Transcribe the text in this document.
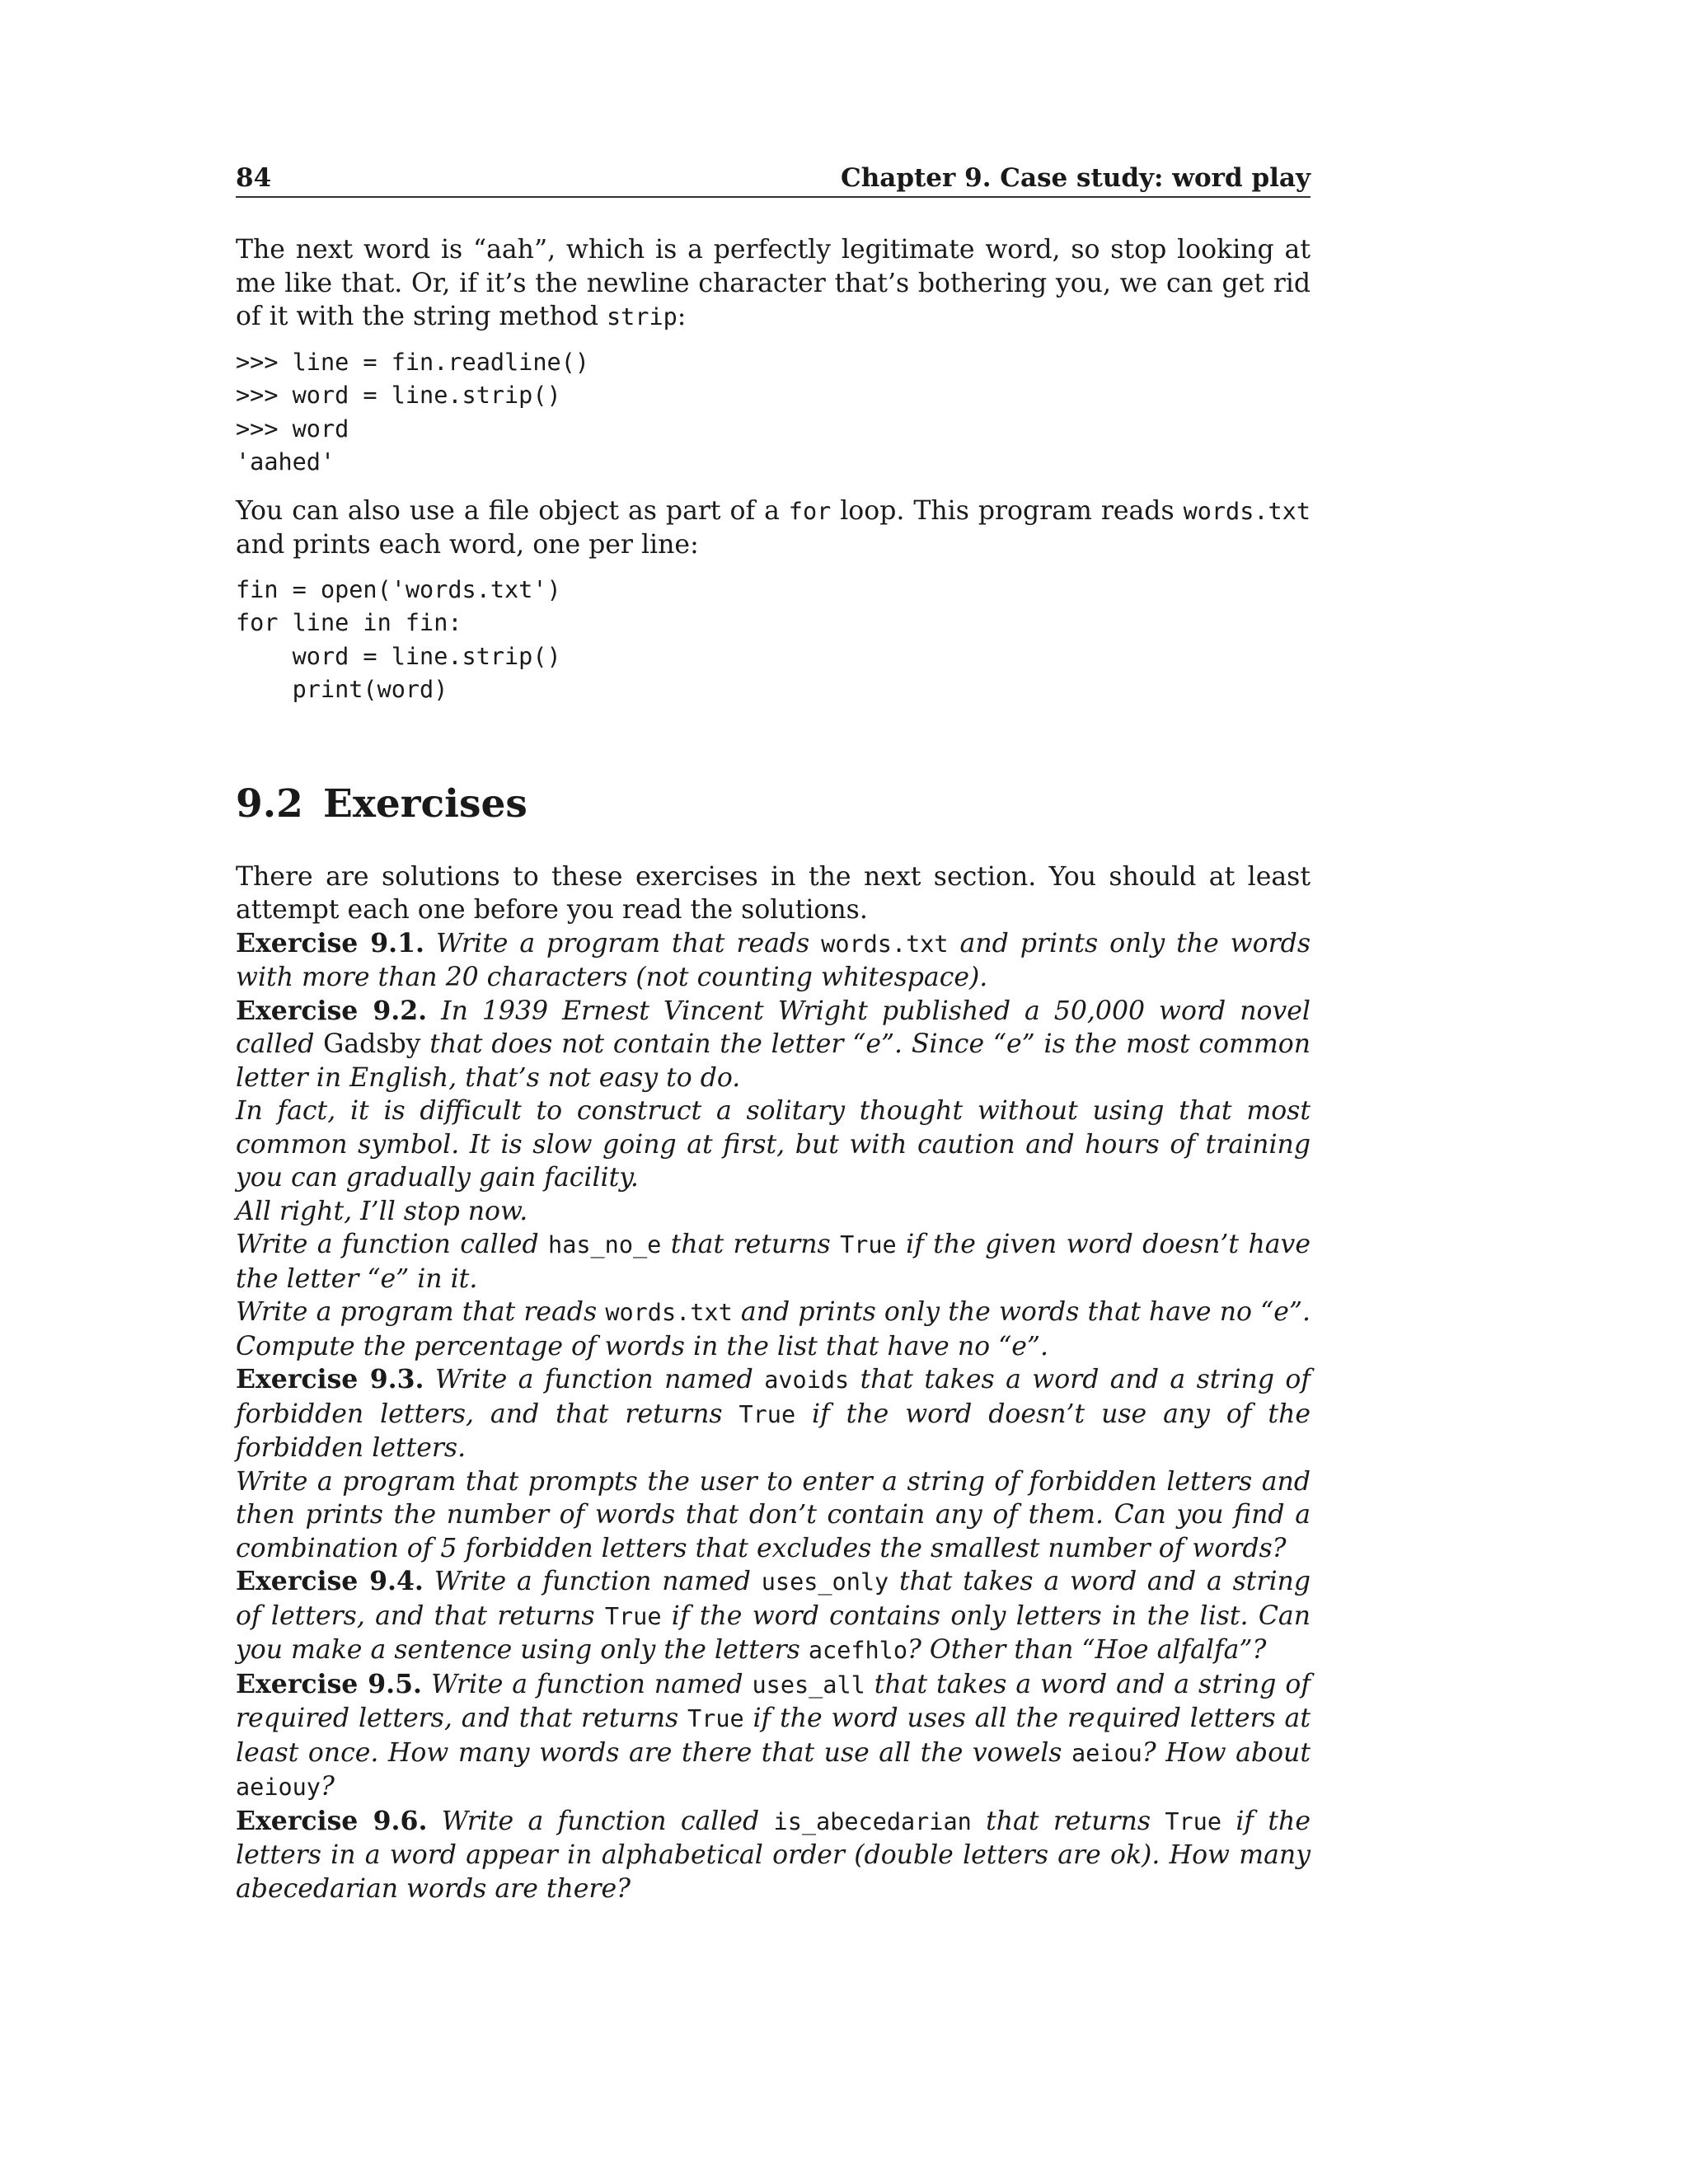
84	Chapter 9. Case study: word play

The next word is “aah”, which is a perfectly legitimate word, so stop looking at me like that. Or, if it’s the newline character that’s bothering you, we can get rid of it with the string method strip:

>>> line = fin.readline()
>>> word = line.strip()
>>> word
'aahed'

You can also use a file object as part of a for loop. This program reads words.txt and prints each word, one per line:

fin = open('words.txt')
for line in fin:
word = line.strip()
print(word)
9.2 Exercises

There are solutions to these exercises in the next section. You should at least attempt each one before you read the solutions.

Exercise 9.1. Write a program that reads words.txt and prints only the words with more than 20 characters (not counting whitespace).

Exercise 9.2. In 1939 Ernest Vincent Wright published a 50,000 word novel called Gadsby that does not contain the letter “e”. Since “e” is the most common letter in English, that’s not easy to do.

In fact, it is difficult to construct a solitary thought without using that most common symbol. It is slow going at first, but with caution and hours of training you can gradually gain facility.

All right, I’ll stop now.

Write a function called has_no_e that returns True if the given word doesn’t have the letter “e” in it.

Write a program that reads words.txt and prints only the words that have no “e”. Compute the percentage of words in the list that have no “e”.

Exercise 9.3. Write a function named avoids that takes a word and a string of forbidden letters, and that returns True if the word doesn’t use any of the forbidden letters.

Write a program that prompts the user to enter a string of forbidden letters and then prints the number of words that don’t contain any of them. Can you find a combination of 5 forbidden letters that excludes the smallest number of words?

Exercise 9.4. Write a function named uses_only that takes a word and a string of letters, and that returns True if the word contains only letters in the list. Can you make a sentence using only the letters acefhlo? Other than “Hoe alfalfa”?

Exercise 9.5. Write a function named uses_all that takes a word and a string of required letters, and that returns True if the word uses all the required letters at least once. How many words are there that use all the vowels aeiou? How about aeiouy?

Exercise 9.6. Write a function called is_abecedarian that returns True if the letters in a word appear in alphabetical order (double letters are ok). How many abecedarian words are there?
